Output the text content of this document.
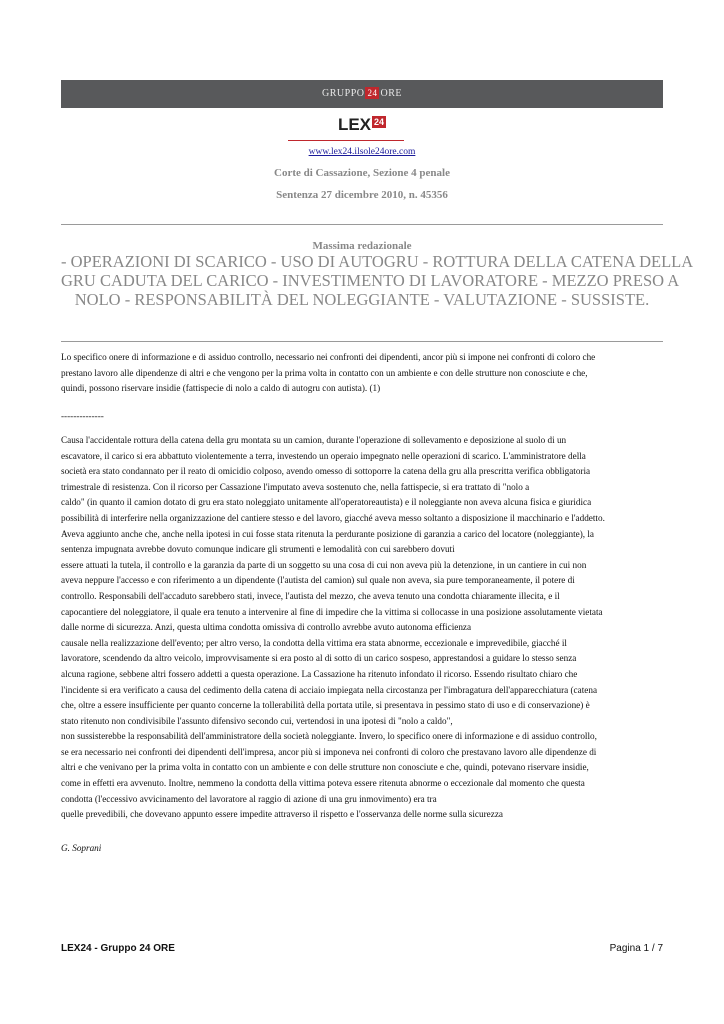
GRUPPO 24 ORE
LEX 24
www.lex24.ilsole24ore.com
Corte di Cassazione, Sezione 4 penale
Sentenza 27 dicembre 2010, n. 45356
Massima redazionale
- OPERAZIONI DI SCARICO - USO DI AUTOGRU - ROTTURA DELLA CATENA DELLA
GRU CADUTA DEL CARICO - INVESTIMENTO DI LAVORATORE - MEZZO PRESO A
NOLO - RESPONSABILITÀ DEL NOLEGGIANTE - VALUTAZIONE - SUSSISTE.
Lo specifico onere di informazione e di assiduo controllo, necessario nei confronti dei dipendenti, ancor più si impone nei confronti di coloro che
prestano lavoro alle dipendenze di altri e che vengono per la prima volta in contatto con un ambiente e con delle strutture non conosciute e che,
quindi, possono riservare insidie (fattispecie di nolo a caldo di autogru con autista). (1)
--------------
Causa l'accidentale rottura della catena della gru montata su un camion, durante l'operazione di sollevamento e deposizione al suolo di un
escavatore, il carico si era abbattuto violentemente a terra, investendo un operaio impegnato nelle operazioni di scarico. L'amministratore della
società era stato condannato per il reato di omicidio colposo, avendo omesso di sottoporre la catena della gru alla prescritta verifica obbligatoria
trimestrale di resistenza. Con il ricorso per Cassazione l'imputato aveva sostenuto che, nella fattispecie, si era trattato di "nolo a
caldo" (in quanto il camion dotato di gru era stato noleggiato unitamente all'operatoreautista) e il noleggiante non aveva alcuna fisica e giuridica
possibilità di interferire nella organizzazione del cantiere stesso e del lavoro, giacché aveva messo soltanto a disposizione il macchinario e l'addetto.
Aveva aggiunto anche che, anche nella ipotesi in cui fosse stata ritenuta la perdurante posizione di garanzia a carico del locatore (noleggiante), la
sentenza impugnata avrebbe dovuto comunque indicare gli strumenti e lemodalità con cui sarebbero dovuti
essere attuati la tutela, il controllo e la garanzia da parte di un soggetto su una cosa di cui non aveva più la detenzione, in un cantiere in cui non
aveva neppure l'accesso e con riferimento a un dipendente (l'autista del camion) sul quale non aveva, sia pure temporaneamente, il potere di
controllo. Responsabili dell'accaduto sarebbero stati, invece, l'autista del mezzo, che aveva tenuto una condotta chiaramente illecita, e il
capocantiere del noleggiatore, il quale era tenuto a intervenire al fine di impedire che la vittima si collocasse in una posizione assolutamente vietata
dalle norme di sicurezza. Anzi, questa ultima condotta omissiva di controllo avrebbe avuto autonoma efficienza
causale nella realizzazione dell'evento; per altro verso, la condotta della vittima era stata abnorme, eccezionale e imprevedibile, giacché il
lavoratore, scendendo da altro veicolo, improvvisamente si era posto al di sotto di un carico sospeso, apprestandosi a guidare lo stesso senza
alcuna ragione, sebbene altri fossero addetti a questa operazione. La Cassazione ha ritenuto infondato il ricorso. Essendo risultato chiaro che
l'incidente si era verificato a causa del cedimento della catena di acciaio impiegata nella circostanza per l'imbragatura dell'apparecchiatura (catena
che, oltre a essere insufficiente per quanto concerne la tollerabilità della portata utile, si presentava in pessimo stato di uso e di conservazione) è
stato ritenuto non condivisibile l'assunto difensivo secondo cui, vertendosi in una ipotesi di "nolo a caldo",
non sussisterebbe la responsabilità dell'amministratore della società noleggiante. Invero, lo specifico onere di informazione e di assiduo controllo,
se era necessario nei confronti dei dipendenti dell'impresa, ancor più si imponeva nei confronti di coloro che prestavano lavoro alle dipendenze di
altri e che venivano per la prima volta in contatto con un ambiente e con delle strutture non conosciute e che, quindi, potevano riservare insidie,
come in effetti era avvenuto. Inoltre, nemmeno la condotta della vittima poteva essere ritenuta abnorme o eccezionale dal momento che questa
condotta (l'eccessivo avvicinamento del lavoratore al raggio di azione di una gru inmovimento) era tra
quelle prevedibili, che dovevano appunto essere impedite attraverso il rispetto e l'osservanza delle norme sulla sicurezza
G. Soprani
LEX24 - Gruppo 24 ORE	Pagina 1 / 7
